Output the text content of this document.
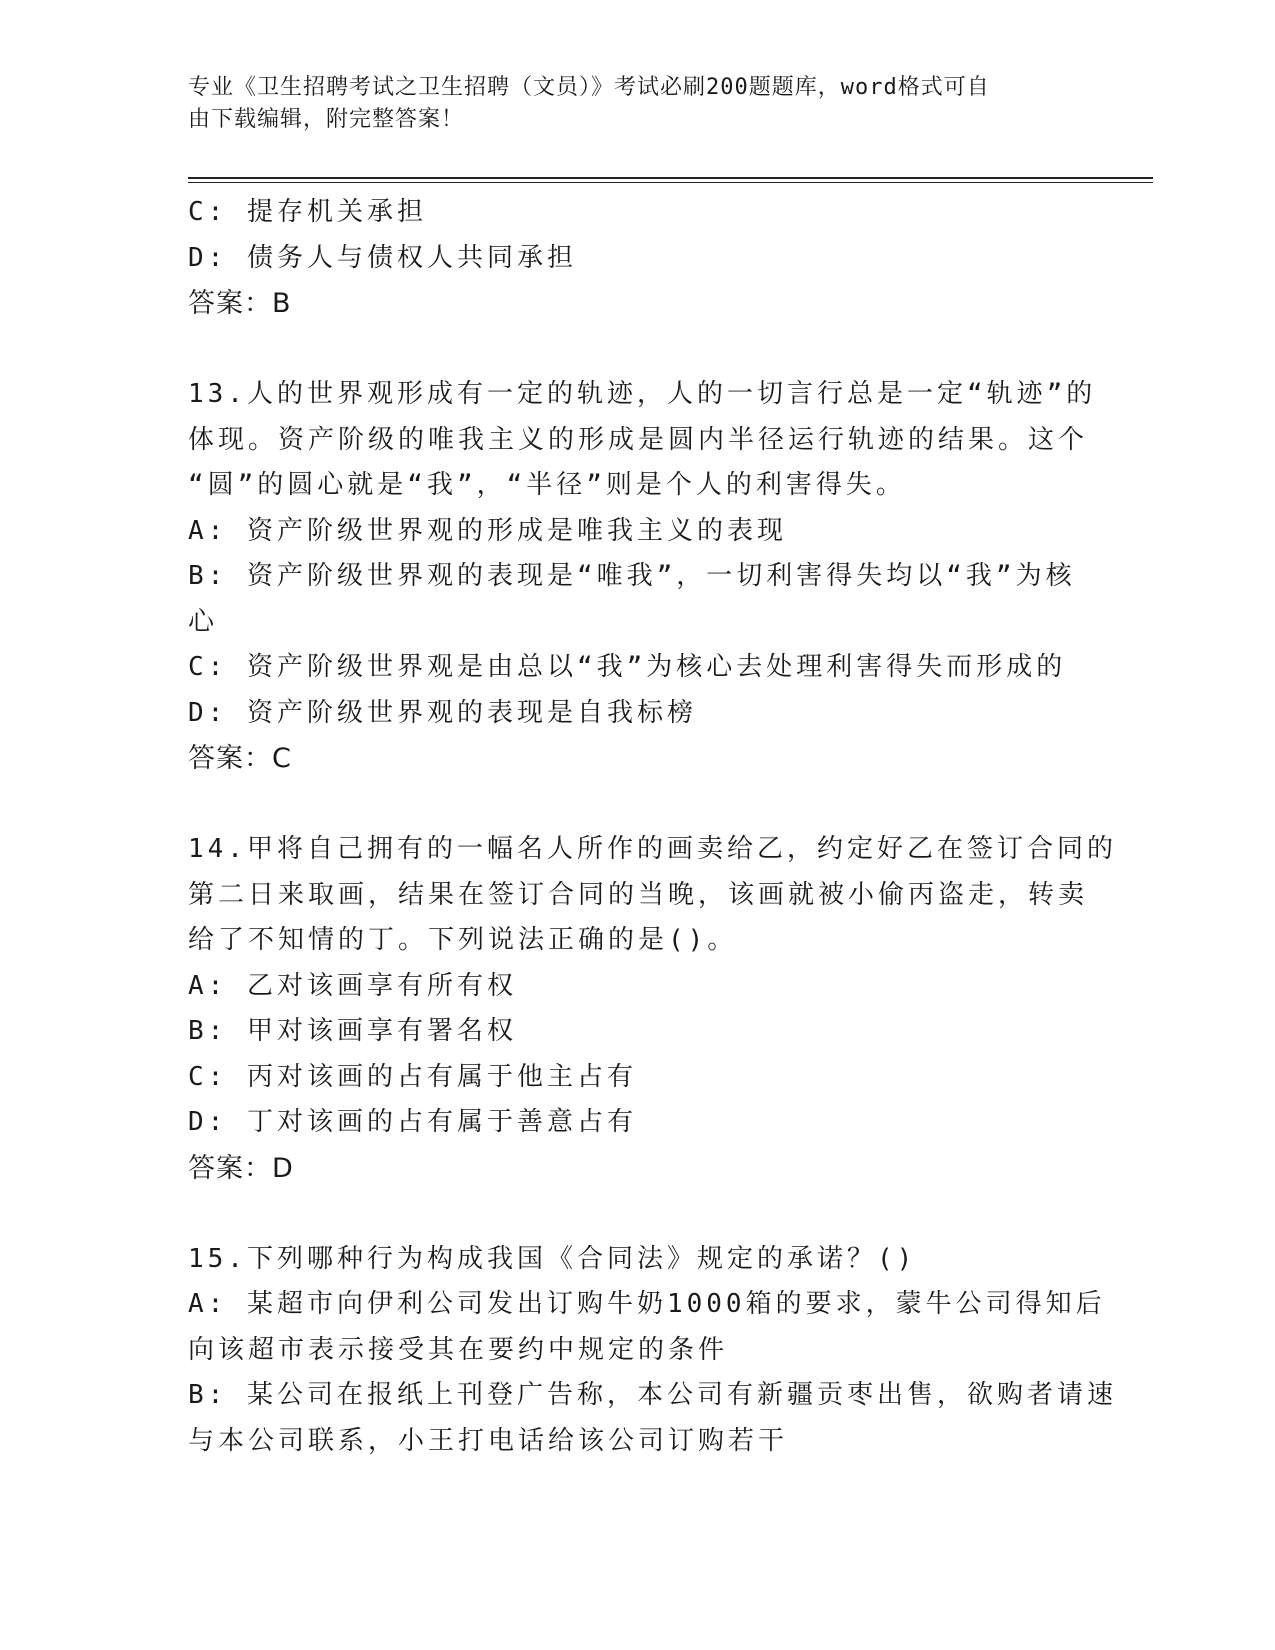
专业《卫生招聘考试之卫生招聘（文员）》考试必刷200题题库，word格式可自
由下载编辑，附完整答案！
C: 提存机关承担
D: 债务人与债权人共同承担
答案：B
13.人的世界观形成有一定的轨迹，人的一切言行总是一定“轨迹”的
体现。资产阶级的唯我主义的形成是圆内半径运行轨迹的结果。这个
“圆”的圆心就是“我”，“半径”则是个人的利害得失。
A: 资产阶级世界观的形成是唯我主义的表现
B: 资产阶级世界观的表现是“唯我”，一切利害得失均以“我”为核
心
C: 资产阶级世界观是由总以“我”为核心去处理利害得失而形成的
D: 资产阶级世界观的表现是自我标榜
答案：C
14.甲将自己拥有的一幅名人所作的画卖给乙，约定好乙在签订合同的
第二日来取画，结果在签订合同的当晚，该画就被小偷丙盗走，转卖
给了不知情的丁。下列说法正确的是()。
A: 乙对该画享有所有权
B: 甲对该画享有署名权
C: 丙对该画的占有属于他主占有
D: 丁对该画的占有属于善意占有
答案：D
15.下列哪种行为构成我国《合同法》规定的承诺？()
A: 某超市向伊利公司发出订购牛奶1000箱的要求，蒙牛公司得知后
向该超市表示接受其在要约中规定的条件
B: 某公司在报纸上刊登广告称，本公司有新疆贡枣出售，欲购者请速
与本公司联系，小王打电话给该公司订购若干
